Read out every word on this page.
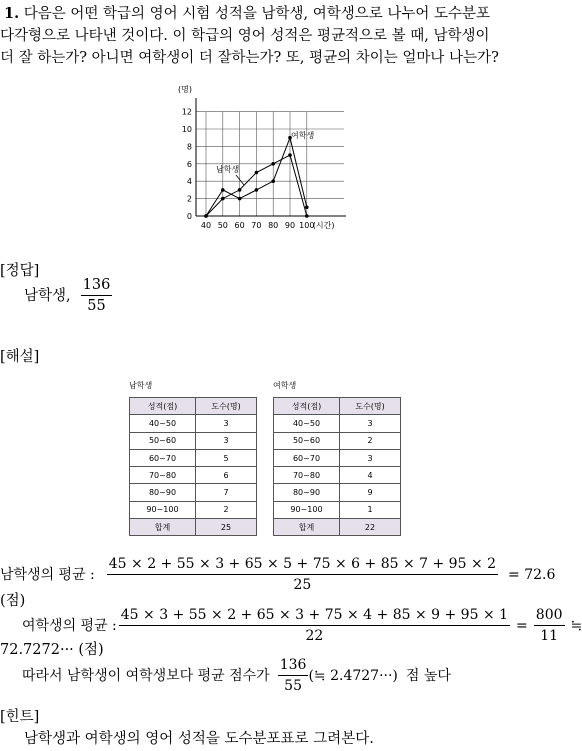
1. 다음은 어떤 학급의 영어 시험 성적을 남학생, 여학생으로 나누어 도수분포
다각형으로 나타낸 것이다. 이 학급의 영어 성적은 평균적으로 볼 때, 남학생이
더 잘 하는가? 아니면 여학생이 더 잘하는가? 또, 평균의 차이는 얼마나 나는가?
0
2
4
6
8
10
12
40 50 60 70 80 90 100
(명)
(시간)
남학생
여학생
[정답]
남학생, $\frac{136}{55}$
[해설]
남학생
성적(점)	도수(명)
40~50	3
50~60	3
60~70	5
70~80	6
80~90	7
90~100	2
합계	25
여학생
성적(점)	도수(명)
40~50	3
50~60	2
60~70	3
70~80	4
80~90	9
90~100	1
합계	22
남학생의 평균 : $\frac{45 \times 2 + 55 \times 3 + 65 \times 5 + 75 \times 6 + 85 \times 7 + 95 \times 2}{25} = 72.6$
(점)
여학생의 평균 : $\frac{45 \times 3 + 55 \times 2 + 65 \times 3 + 75 \times 4 + 85 \times 9 + 95 \times 1}{22} = \frac{800}{11}$ ≒
72.7272··· (점)
따라서 남학생이 여학생보다 평균 점수가 $\frac{136}{55}$ (≒ 2.4727···) 점 높다
[힌트]
남학생과 여학생의 영어 성적을 도수분포표로 그려본다.
